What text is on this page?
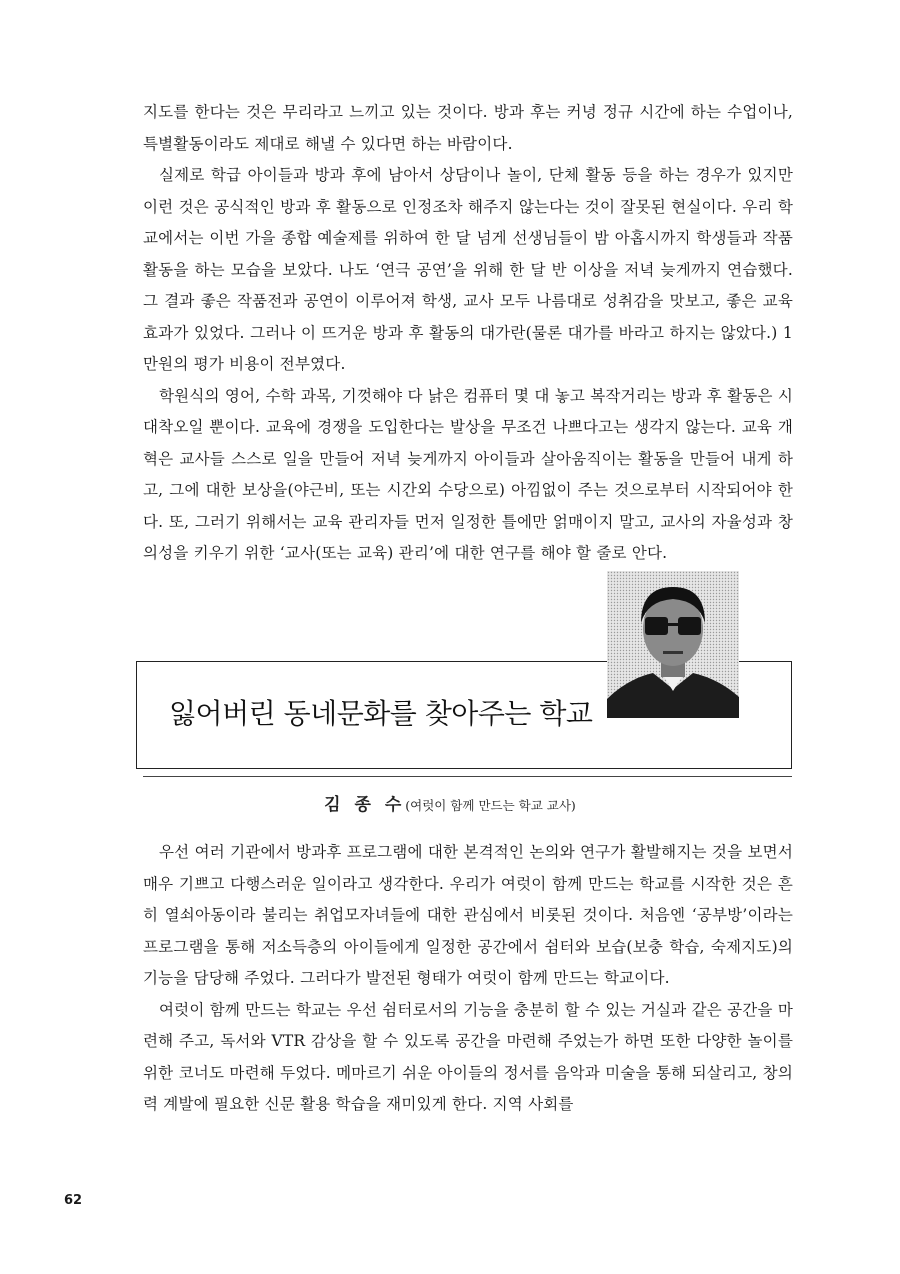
지도를 한다는 것은 무리라고 느끼고 있는 것이다. 방과 후는 커녕 정규 시간에 하는 수업이나, 특별활동이라도 제대로 해낼 수 있다면 하는 바람이다.

실제로 학급 아이들과 방과 후에 남아서 상담이나 놀이, 단체 활동 등을 하는 경우가 있지만 이런 것은 공식적인 방과 후 활동으로 인정조차 해주지 않는다는 것이 잘못된 현실이다. 우리 학교에서는 이번 가을 종합 예술제를 위하여 한 달 넘게 선생님들이 밤 아홉시까지 학생들과 작품활동을 하는 모습을 보았다. 나도 ‘연극 공연’을 위해 한 달 반 이상을 저녁 늦게까지 연습했다. 그 결과 좋은 작품전과 공연이 이루어져 학생, 교사 모두 나름대로 성취감을 맛보고, 좋은 교육 효과가 있었다. 그러나 이 뜨거운 방과 후 활동의 대가란(물론 대가를 바라고 하지는 않았다.) 1만원의 평가 비용이 전부였다.

학원식의 영어, 수학 과목, 기껏해야 다 낡은 컴퓨터 몇 대 놓고 복작거리는 방과 후 활동은 시대착오일 뿐이다. 교육에 경쟁을 도입한다는 발상을 무조건 나쁘다고는 생각지 않는다. 교육 개혁은 교사들 스스로 일을 만들어 저녁 늦게까지 아이들과 살아움직이는 활동을 만들어 내게 하고, 그에 대한 보상을(야근비, 또는 시간외 수당으로) 아낌없이 주는 것으로부터 시작되어야 한다. 또, 그러기 위해서는 교육 관리자들 먼저 일정한 틀에만 얽매이지 말고, 교사의 자율성과 창의성을 키우기 위한 ‘교사(또는 교육) 관리’에 대한 연구를 해야 할 줄로 안다.

잃어버린 동네문화를 찾아주는 학교
김 종 수(여럿이 함께 만드는 학교 교사)

우선 여러 기관에서 방과후 프로그램에 대한 본격적인 논의와 연구가 활발해지는 것을 보면서 매우 기쁘고 다행스러운 일이라고 생각한다. 우리가 여럿이 함께 만드는 학교를 시작한 것은 흔히 열쇠아동이라 불리는 취업모자녀들에 대한 관심에서 비롯된 것이다. 처음엔 ‘공부방’이라는 프로그램을 통해 저소득층의 아이들에게 일정한 공간에서 쉼터와 보습(보충 학습, 숙제지도)의 기능을 담당해 주었다. 그러다가 발전된 형태가 여럿이 함께 만드는 학교이다.

여럿이 함께 만드는 학교는 우선 쉼터로서의 기능을 충분히 할 수 있는 거실과 같은 공간을 마련해 주고, 독서와 VTR 감상을 할 수 있도록 공간을 마련해 주었는가 하면 또한 다양한 놀이를 위한 코너도 마련해 두었다. 메마르기 쉬운 아이들의 정서를 음악과 미술을 통해 되살리고, 창의력 계발에 필요한 신문 활용 학습을 재미있게 한다. 지역 사회를

62
